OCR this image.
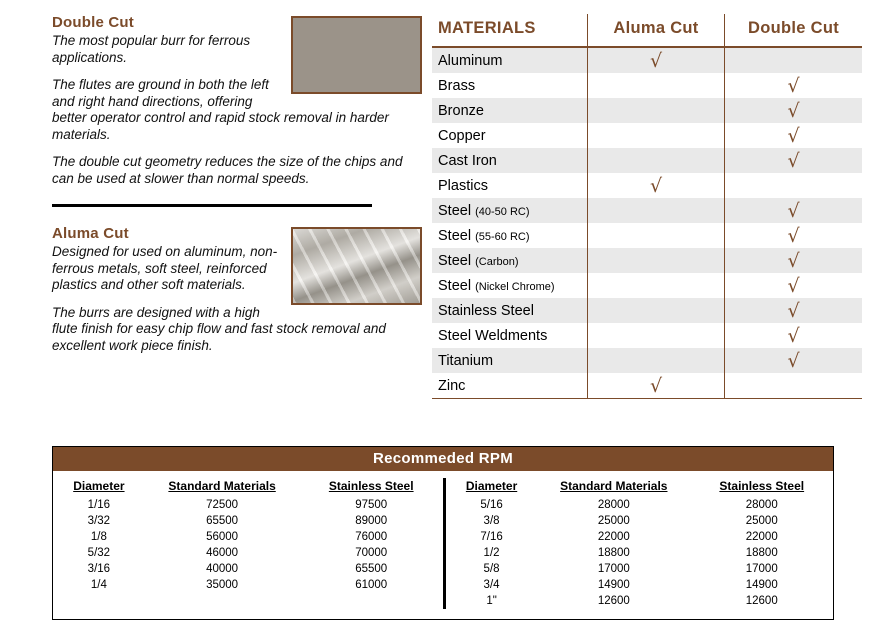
Double Cut

The most popular burr for ferrous applications.

The flutes are ground in both the left and right hand directions, offering better operator control and rapid stock removal in harder materials.

The double cut geometry reduces the size of the chips and can be used at slower than normal speeds.

Aluma Cut

Designed for used on aluminum, non-ferrous metals, soft steel, reinforced plastics and other soft materials.

The burrs are designed with a high flute finish for easy chip flow and fast stock removal and excellent work piece finish.

MATERIALS	Aluma Cut	Double Cut
Aluminum	√	
Brass		√
Bronze		√
Copper		√
Cast Iron		√
Plastics	√	
Steel (40-50 RC)		√
Steel (55-60 RC)		√
Steel (Carbon)		√
Steel (Nickel Chrome)		√
Stainless Steel		√
Steel Weldments		√
Titanium		√
Zinc	√	
Recommeded RPM
Diameter	Standard Materials	Stainless Steel
1/16	72500	97500
3/32	65500	89000
1/8	56000	76000
5/32	46000	70000
3/16	40000	65500
1/4	35000	61000
Diameter	Standard Materials	Stainless Steel
5/16	28000	28000
3/8	25000	25000
7/16	22000	22000
1/2	18800	18800
5/8	17000	17000
3/4	14900	14900
1"	12600	12600
